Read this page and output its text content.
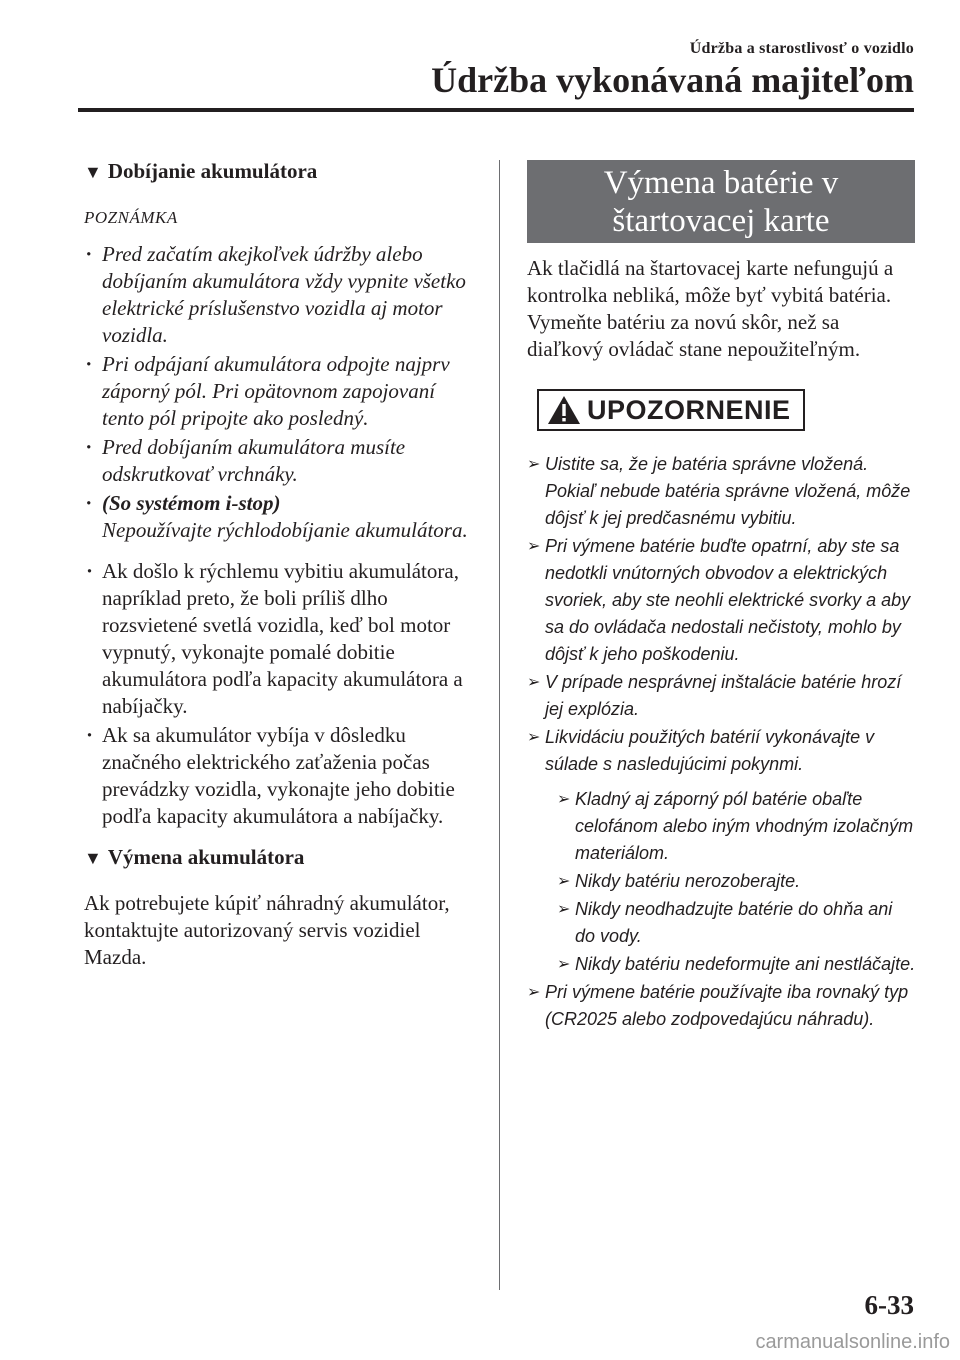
Údržba a starostlivosť o vozidlo
Údržba vykonávaná majiteľom
▼ Dobíjanie akumulátora
POZNÁMKA
· Pred začatím akejkoľvek údržby alebo dobíjaním akumulátora vždy vypnite všetko elektrické príslušenstvo vozidla aj motor vozidla.
· Pri odpájaní akumulátora odpojte najprv záporný pól. Pri opätovnom zapojovaní tento pól pripojte ako posledný.
· Pred dobíjaním akumulátora musíte odskrutkovať vrchnáky.
· (So systémom i-stop)
Nepoužívajte rýchlodobíjanie akumulátora.
· Ak došlo k rýchlemu vybitiu akumulátora, napríklad preto, že boli príliš dlho rozsvietené svetlá vozidla, keď bol motor vypnutý, vykonajte pomalé dobitie akumulátora podľa kapacity akumulátora a nabíjačky.
· Ak sa akumulátor vybíja v dôsledku značného elektrického zaťaženia počas prevádzky vozidla, vykonajte jeho dobitie podľa kapacity akumulátora a nabíjačky.
▼ Výmena akumulátora

Ak potrebujete kúpiť náhradný akumulátor, kontaktujte autorizovaný servis vozidiel Mazda.

Výmena batérie v
štartovacej karte

Ak tlačidlá na štartovacej karte nefungujú a kontrolka nebliká, môže byť vybitá batéria.

Vymeňte batériu za novú skôr, než sa diaľkový ovládač stane nepoužiteľným.

UPOZORNENIE
➢ Uistite sa, že je batéria správne vložená. Pokiaľ nebude batéria správne vložená, môže dôjsť k jej predčasnému vybitiu.
➢ Pri výmene batérie buďte opatrní, aby ste sa nedotkli vnútorných obvodov a elektrických svoriek, aby ste neohli elektrické svorky a aby sa do ovládača nedostali nečistoty, mohlo by dôjsť k jeho poškodeniu.
➢ V prípade nesprávnej inštalácie batérie hrozí jej explózia.
➢ Likvidáciu použitých batérií vykonávajte v súlade s nasledujúcimi pokynmi.
➢ Kladný aj záporný pól batérie obaľte celofánom alebo iným vhodným izolačným materiálom.
➢ Nikdy batériu nerozoberajte.
➢ Nikdy neodhadzujte batérie do ohňa ani do vody.
➢ Nikdy batériu nedeformujte ani nestláčajte.
➢ Pri výmene batérie používajte iba rovnaký typ (CR2025 alebo zodpovedajúcu náhradu).
6-33
carmanualsonline.info
